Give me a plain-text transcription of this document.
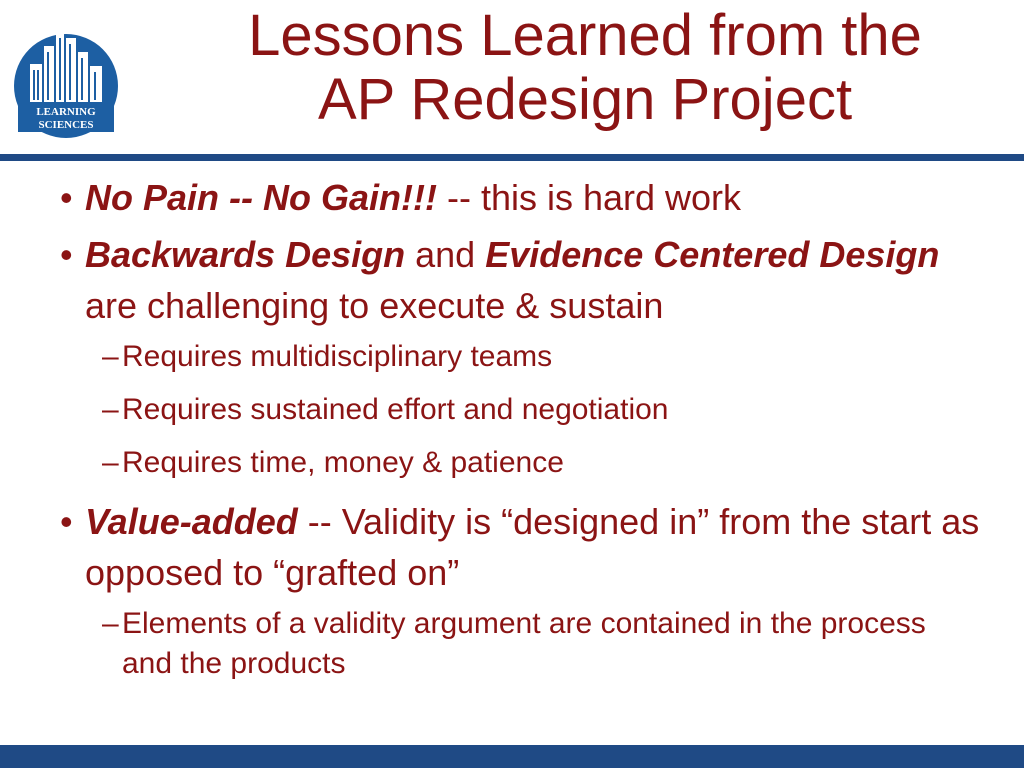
LEARNING
SCIENCES
Lessons Learned from the
AP Redesign Project
• No Pain -- No Gain!!! -- this is hard work
• Backwards Design and Evidence Centered Design are challenging to execute & sustain
– Requires multidisciplinary teams
– Requires sustained effort and negotiation
– Requires time, money & patience
• Value-added -- Validity is “designed in” from the start as opposed to “grafted on”
– Elements of a validity argument are contained in the process and the products
